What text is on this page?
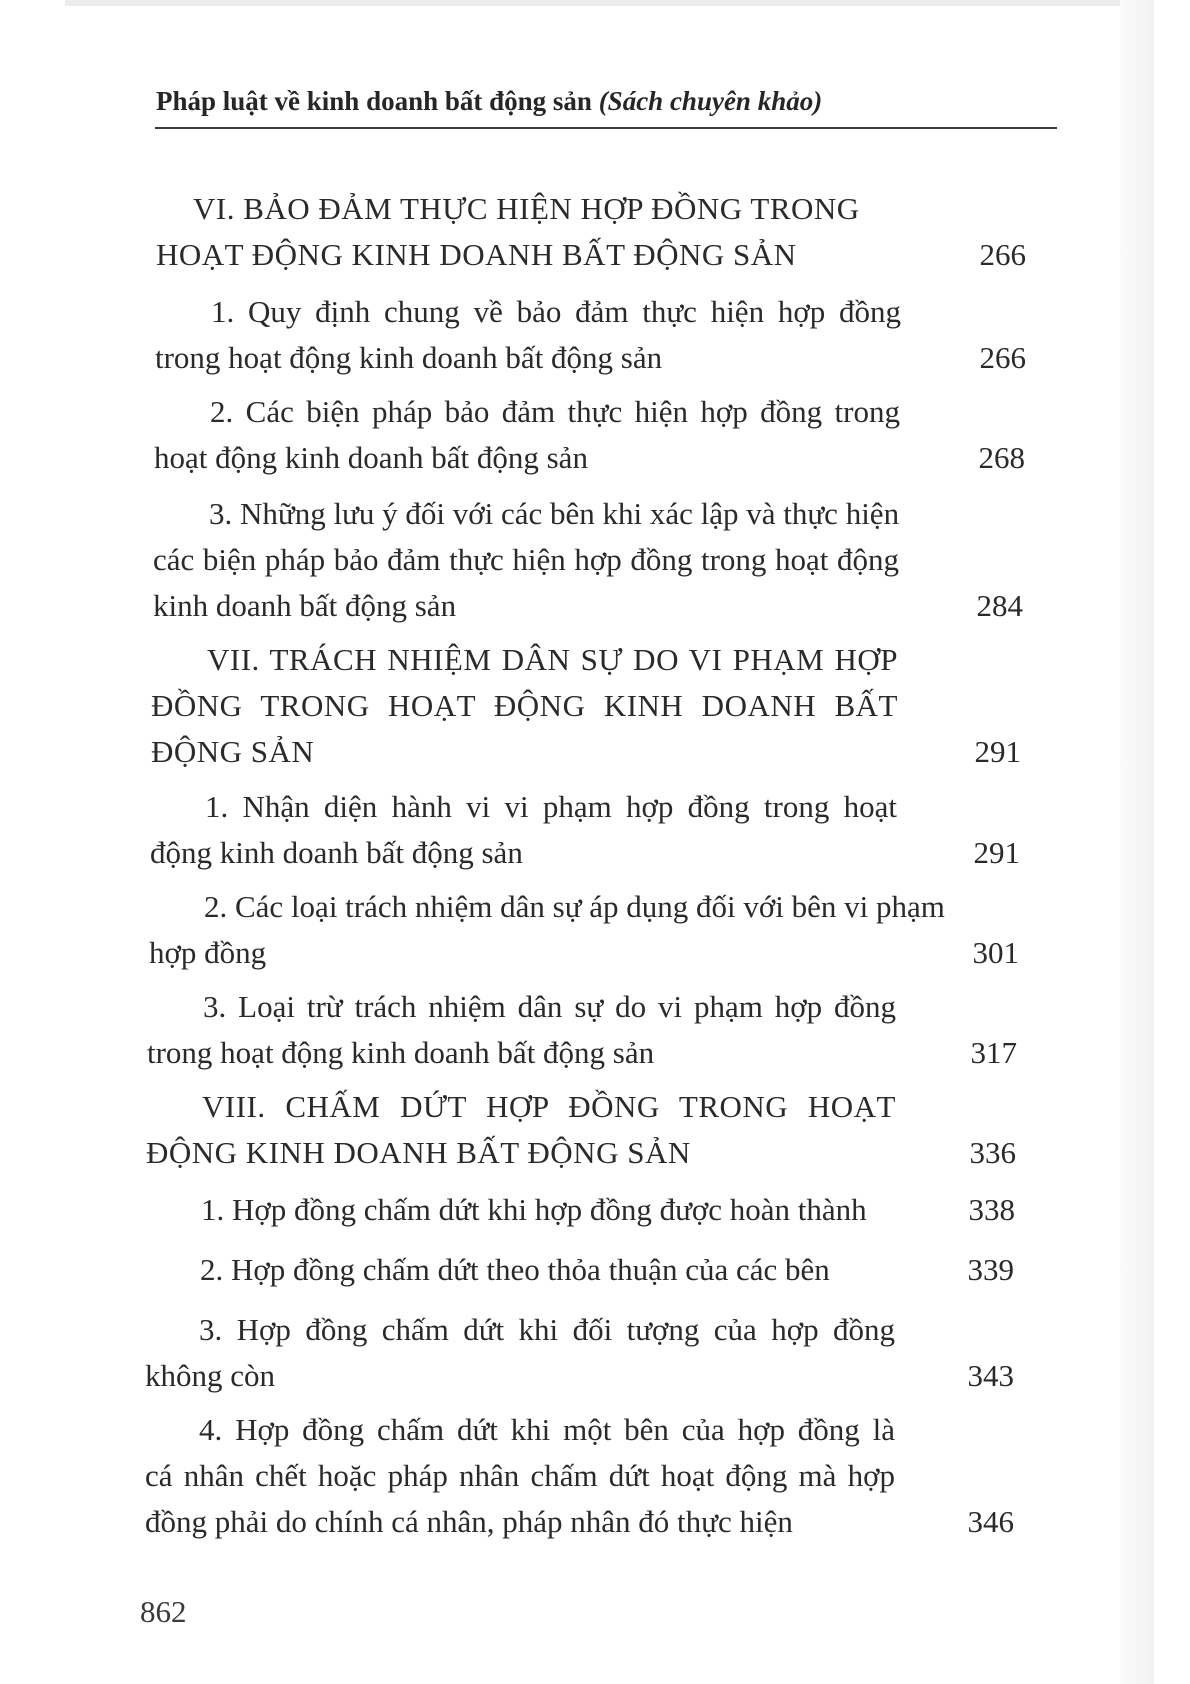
Pháp luật về kinh doanh bất động sản (Sách chuyên khảo)
VI. BẢO ĐẢM THỰC HIỆN HỢP ĐỒNG TRONG
HOẠT ĐỘNG KINH DOANH BẤT ĐỘNG SẢN	266
1. Quy định chung về bảo đảm thực hiện hợp đồng
trong hoạt động kinh doanh bất động sản	266
2. Các biện pháp bảo đảm thực hiện hợp đồng trong
hoạt động kinh doanh bất động sản	268
3. Những lưu ý đối với các bên khi xác lập và thực hiện
các biện pháp bảo đảm thực hiện hợp đồng trong hoạt động
kinh doanh bất động sản	284
VII. TRÁCH NHIỆM DÂN SỰ DO VI PHẠM HỢP
ĐỒNG TRONG HOẠT ĐỘNG KINH DOANH BẤT
ĐỘNG SẢN	291
1. Nhận diện hành vi vi phạm hợp đồng trong hoạt
động kinh doanh bất động sản	291
2. Các loại trách nhiệm dân sự áp dụng đối với bên vi phạm
hợp đồng	301
3. Loại trừ trách nhiệm dân sự do vi phạm hợp đồng
trong hoạt động kinh doanh bất động sản	317
VIII. CHẤM DỨT HỢP ĐỒNG TRONG HOẠT
ĐỘNG KINH DOANH BẤT ĐỘNG SẢN	336
1. Hợp đồng chấm dứt khi hợp đồng được hoàn thành	338
2. Hợp đồng chấm dứt theo thỏa thuận của các bên	339
3. Hợp đồng chấm dứt khi đối tượng của hợp đồng
không còn	343
4. Hợp đồng chấm dứt khi một bên của hợp đồng là
cá nhân chết hoặc pháp nhân chấm dứt hoạt động mà hợp
đồng phải do chính cá nhân, pháp nhân đó thực hiện	346
862
